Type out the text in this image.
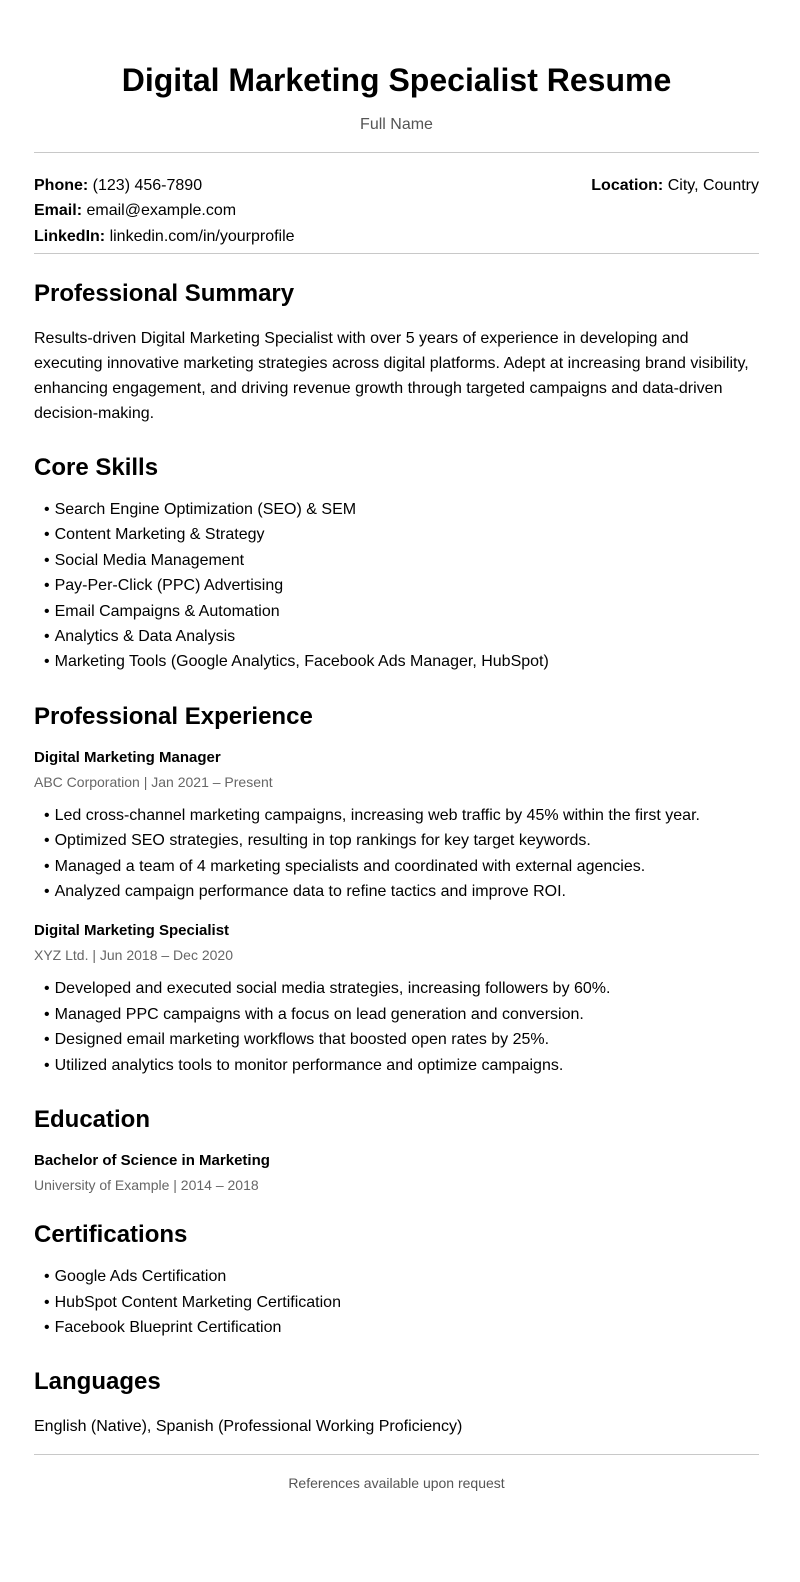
Digital Marketing Specialist Resume
Full Name
Phone: (123) 456-7890
Email: email@example.com
LinkedIn: linkedin.com/in/yourprofile
Location: City, Country
Professional Summary
Results-driven Digital Marketing Specialist with over 5 years of experience in developing and executing innovative marketing strategies across digital platforms. Adept at increasing brand visibility, enhancing engagement, and driving revenue growth through targeted campaigns and data-driven decision-making.
Core Skills
• Search Engine Optimization (SEO) & SEM
• Content Marketing & Strategy
• Social Media Management
• Pay-Per-Click (PPC) Advertising
• Email Campaigns & Automation
• Analytics & Data Analysis
• Marketing Tools (Google Analytics, Facebook Ads Manager, HubSpot)
Professional Experience
Digital Marketing Manager
ABC Corporation | Jan 2021 – Present
• Led cross-channel marketing campaigns, increasing web traffic by 45% within the first year.
• Optimized SEO strategies, resulting in top rankings for key target keywords.
• Managed a team of 4 marketing specialists and coordinated with external agencies.
• Analyzed campaign performance data to refine tactics and improve ROI.
Digital Marketing Specialist
XYZ Ltd. | Jun 2018 – Dec 2020
• Developed and executed social media strategies, increasing followers by 60%.
• Managed PPC campaigns with a focus on lead generation and conversion.
• Designed email marketing workflows that boosted open rates by 25%.
• Utilized analytics tools to monitor performance and optimize campaigns.
Education
Bachelor of Science in Marketing
University of Example | 2014 – 2018
Certifications
• Google Ads Certification
• HubSpot Content Marketing Certification
• Facebook Blueprint Certification
Languages
English (Native), Spanish (Professional Working Proficiency)
References available upon request
